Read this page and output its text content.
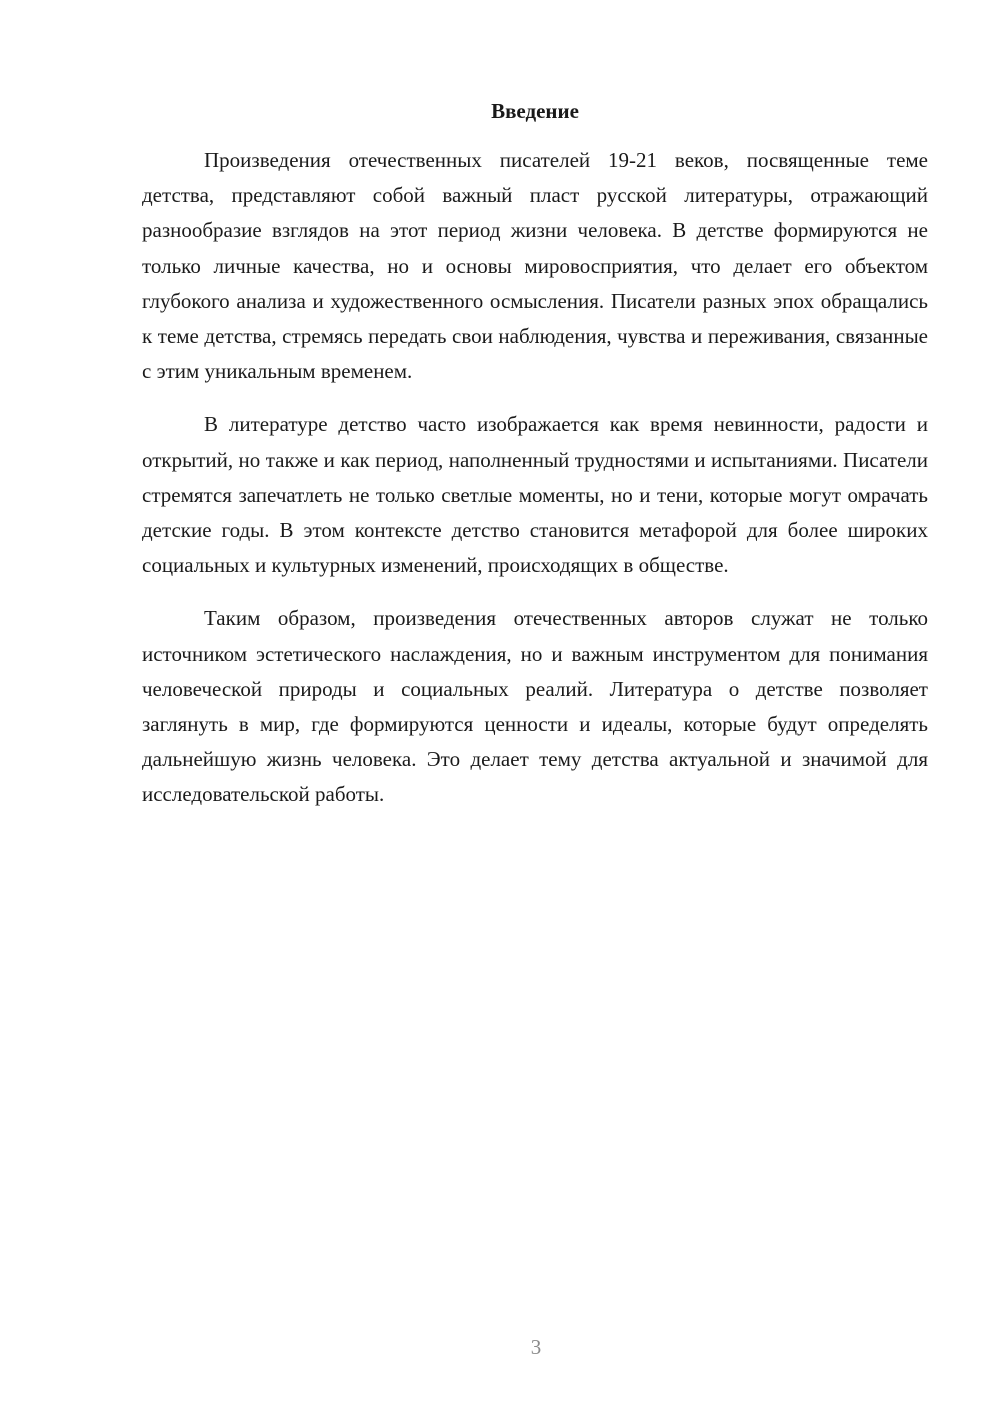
Введение

Произведения отечественных писателей 19-21 веков, посвященные теме детства, представляют собой важный пласт русской литературы, отражающий разнообразие взглядов на этот период жизни человека. В детстве формируются не только личные качества, но и основы мировосприятия, что делает его объектом глубокого анализа и художественного осмысления. Писатели разных эпох обращались к теме детства, стремясь передать свои наблюдения, чувства и переживания, связанные с этим уникальным временем.

В литературе детство часто изображается как время невинности, радости и открытий, но также и как период, наполненный трудностями и испытаниями. Писатели стремятся запечатлеть не только светлые моменты, но и тени, которые могут омрачать детские годы. В этом контексте детство становится метафорой для более широких социальных и культурных изменений, происходящих в обществе.

Таким образом, произведения отечественных авторов служат не только источником эстетического наслаждения, но и важным инструментом для понимания человеческой природы и социальных реалий. Литература о детстве позволяет заглянуть в мир, где формируются ценности и идеалы, которые будут определять дальнейшую жизнь человека. Это делает тему детства актуальной и значимой для исследовательской работы.

3
